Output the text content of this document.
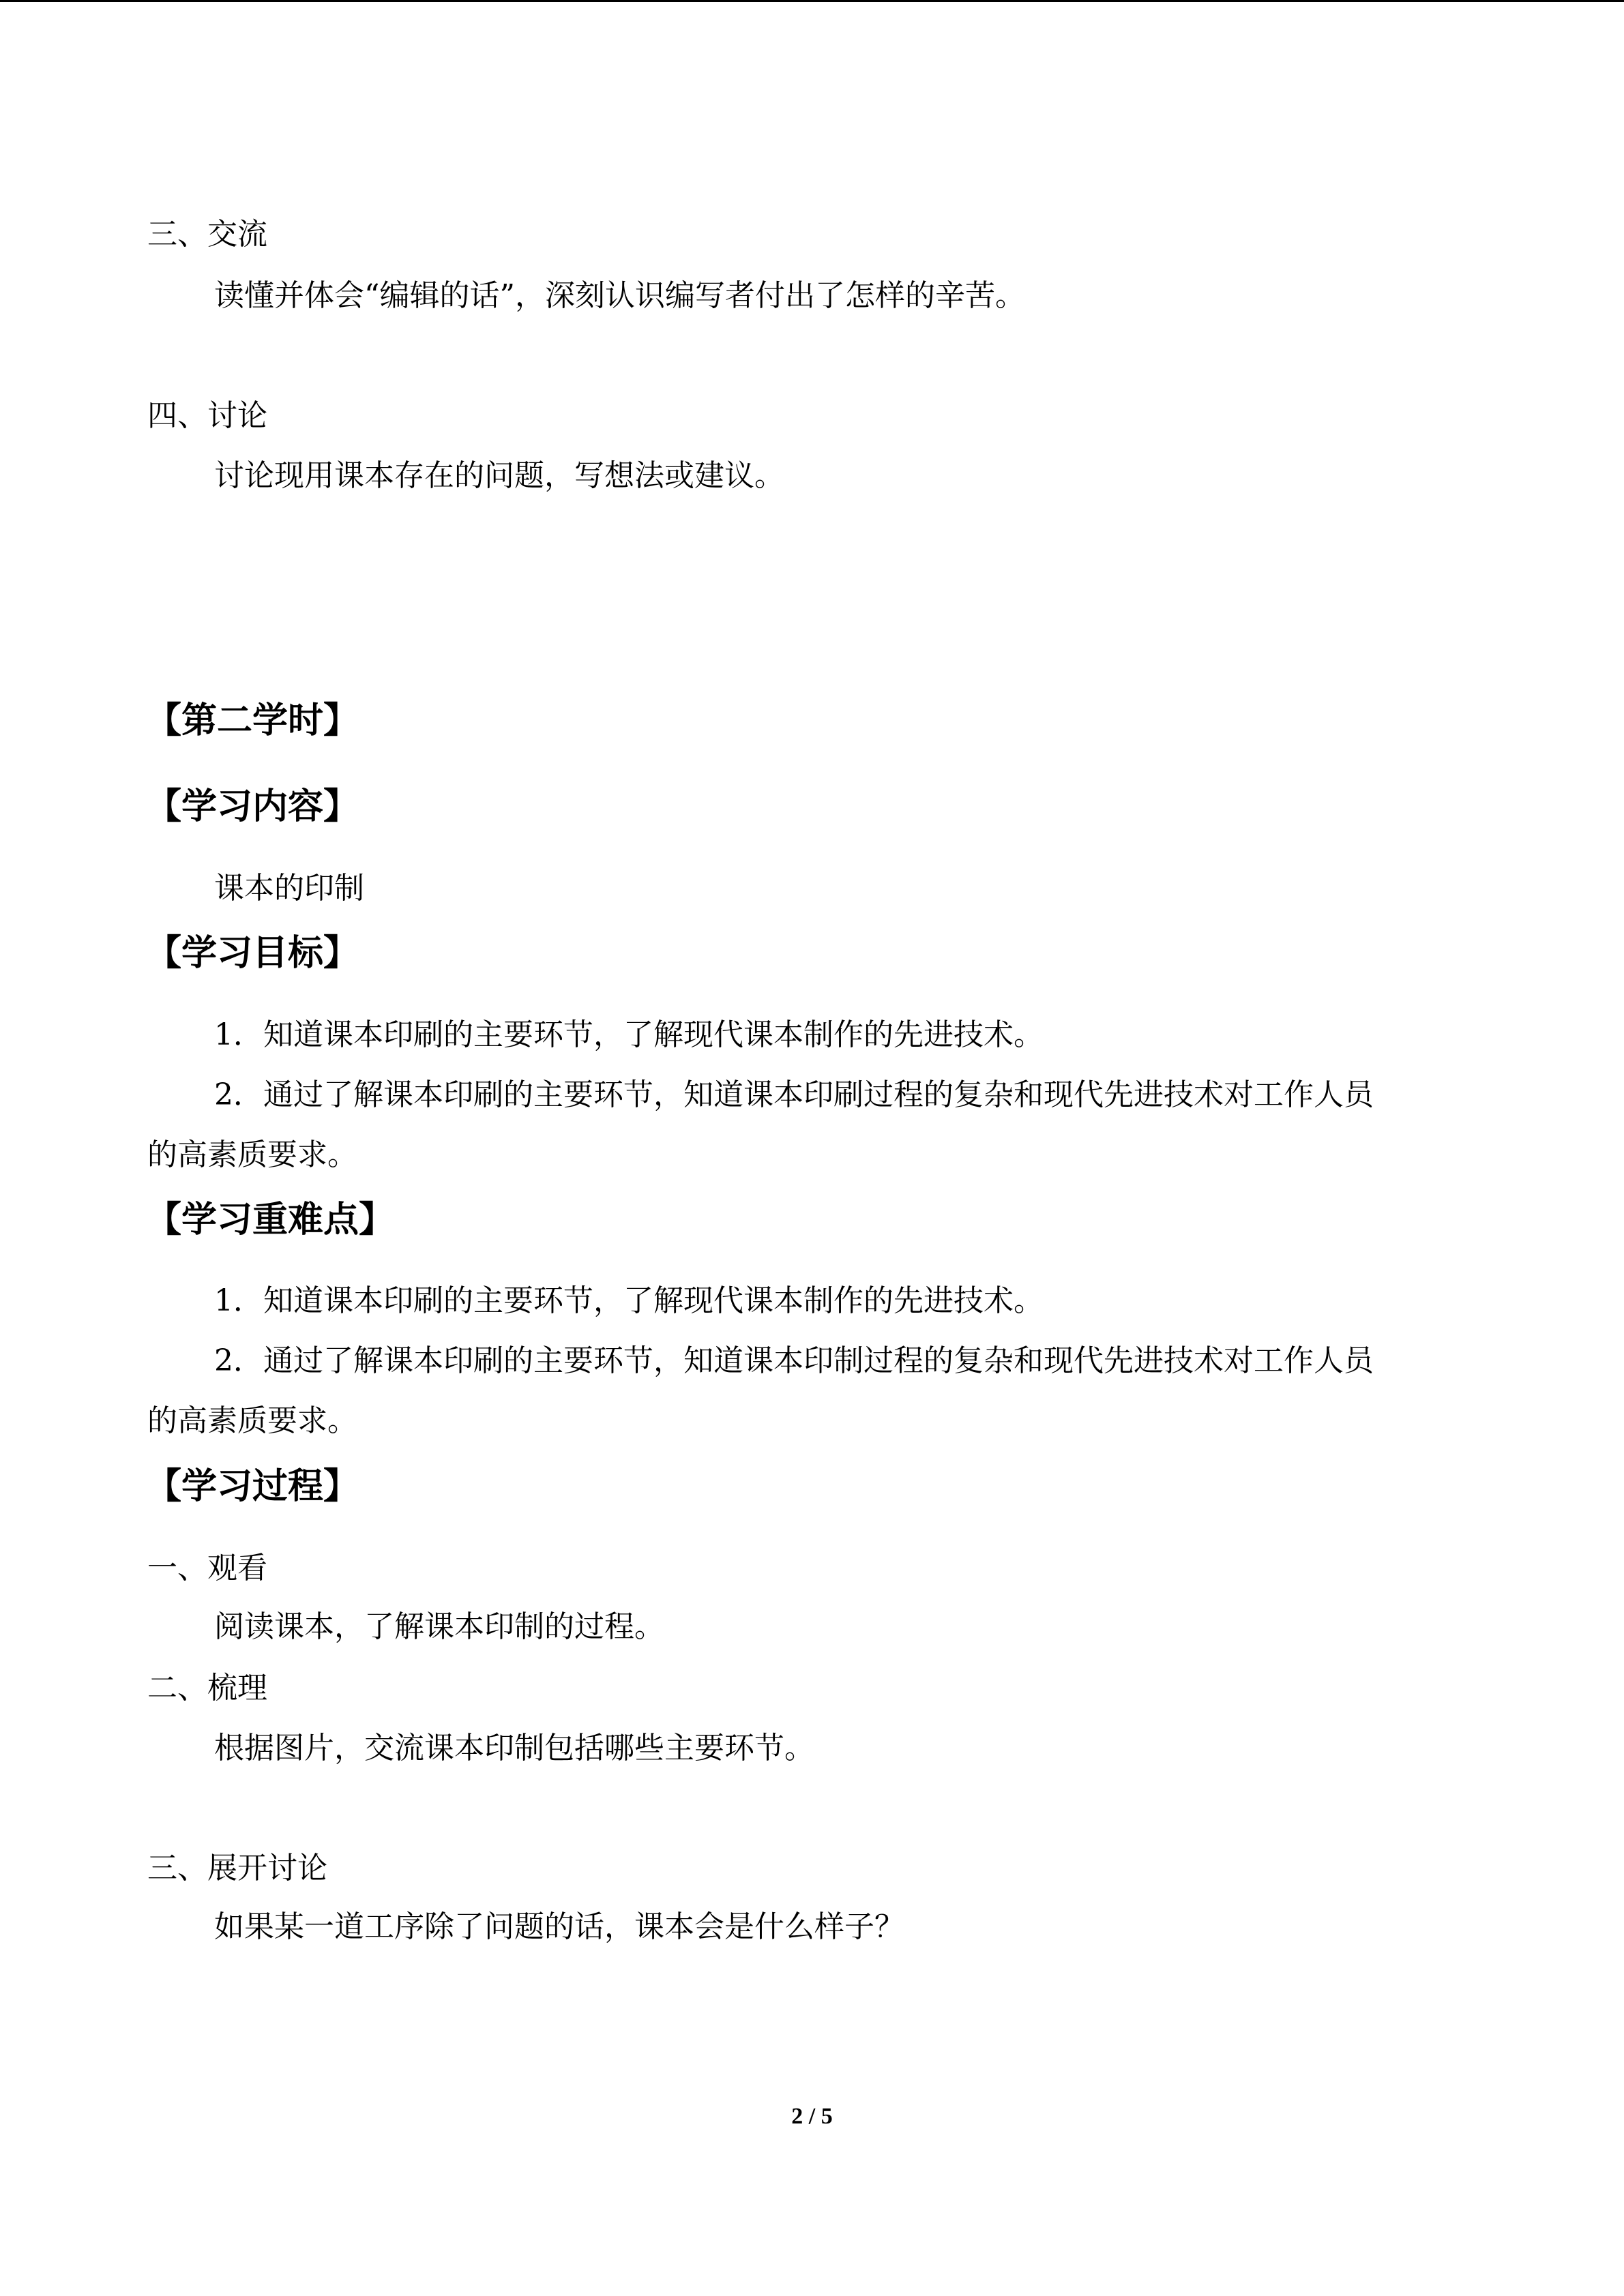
三、交流
读懂并体会“编辑的话”，深刻认识编写者付出了怎样的辛苦。
四、讨论
讨论现用课本存在的问题，写想法或建议。
【第二学时】
【学习内容】
课本的印制
【学习目标】
1．知道课本印刷的主要环节，了解现代课本制作的先进技术。
2．通过了解课本印刷的主要环节，知道课本印刷过程的复杂和现代先进技术对工作人员
的高素质要求。
【学习重难点】
1．知道课本印刷的主要环节，了解现代课本制作的先进技术。
2．通过了解课本印刷的主要环节，知道课本印制过程的复杂和现代先进技术对工作人员
的高素质要求。
【学习过程】
一、观看
阅读课本，了解课本印制的过程。
二、梳理
根据图片，交流课本印制包括哪些主要环节。
三、展开讨论
如果某一道工序除了问题的话，课本会是什么样子？
2 / 5
